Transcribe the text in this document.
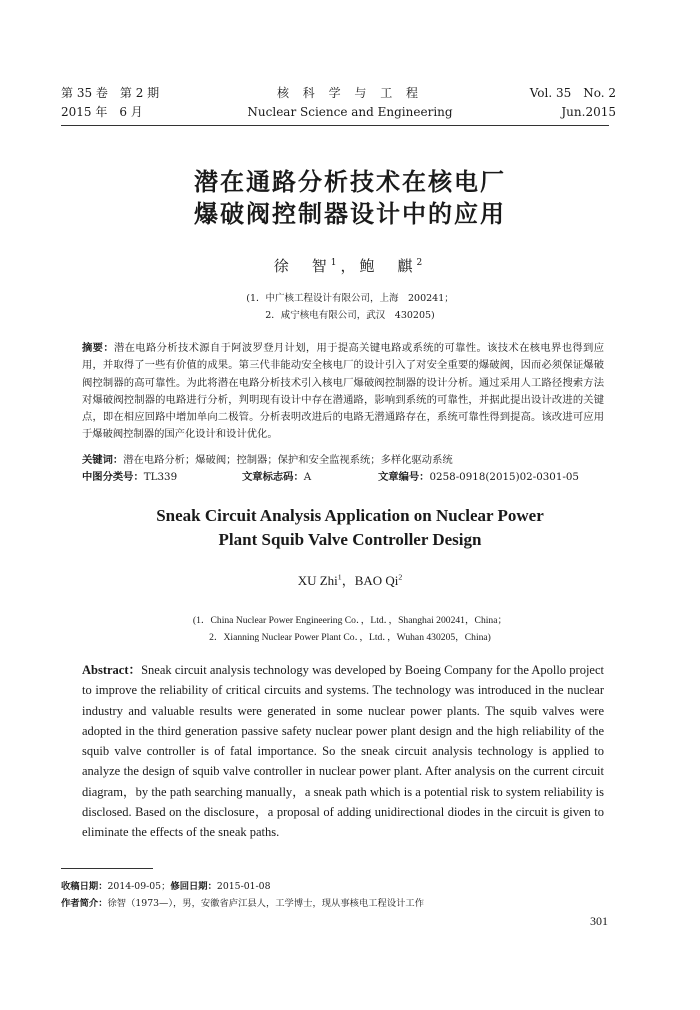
第 35 卷　第 2 期
2015 年　6 月
核 科 学 与 工 程
Nuclear Science and Engineering
Vol. 35　No. 2
Jun.2015
潜在通路分析技术在核电厂
爆破阀控制器设计中的应用
徐　智$^1$，鲍　麒$^2$
(1．中广核工程设计有限公司，上海　200241；
2．咸宁核电有限公司，武汉　430205)
摘要：潜在电路分析技术源自于阿波罗登月计划，用于提高关键电路或系统的可靠性。该技术在核电界也得到应用，并取得了一些有价值的成果。第三代非能动安全核电厂的设计引入了对安全重要的爆破阀，因而必须保证爆破阀控制器的高可靠性。为此将潜在电路分析技术引入核电厂爆破阀控制器的设计分析。通过采用人工路径搜索方法对爆破阀控制器的电路进行分析，判明现有设计中存在潜通路，影响到系统的可靠性，并据此提出设计改进的关键点，即在相应回路中增加单向二极管。分析表明改进后的电路无潜通路存在，系统可靠性得到提高。该改进可应用于爆破阀控制器的国产化设计和设计优化。
关键词：潜在电路分析；爆破阀；控制器；保护和安全监视系统；多样化驱动系统
中图分类号：TL339	文章标志码：A	文章编号：0258-0918(2015)02-0301-05
Sneak Circuit Analysis Application on Nuclear Power
Plant Squib Valve Controller Design
XU Zhi$^1$，BAO Qi$^2$
(1．China Nuclear Power Engineering Co．，Ltd．，Shanghai 200241，China；
2．Xianning Nuclear Power Plant Co．，Ltd．，Wuhan 430205，China)
Abstract：Sneak circuit analysis technology was developed by Boeing Company for the Apollo project to improve the reliability of critical circuits and systems. The technology was introduced in the nuclear industry and valuable results were generated in some nuclear power plants. The squib valves were adopted in the third generation passive safety nuclear power plant design and the high reliability of the squib valve controller is of fatal importance. So the sneak circuit analysis technology is applied to analyze the design of squib valve controller in nuclear power plant. After analysis on the current circuit diagram，by the path searching manually，a sneak path which is a potential risk to system reliability is disclosed. Based on the disclosure，a proposal of adding unidirectional diodes in the circuit is given to eliminate the effects of the sneak paths.
收稿日期：2014-09-05；修回日期：2015-01-08
作者简介：徐智（1973—），男，安徽省庐江县人，工学博士，现从事核电工程设计工作
301
